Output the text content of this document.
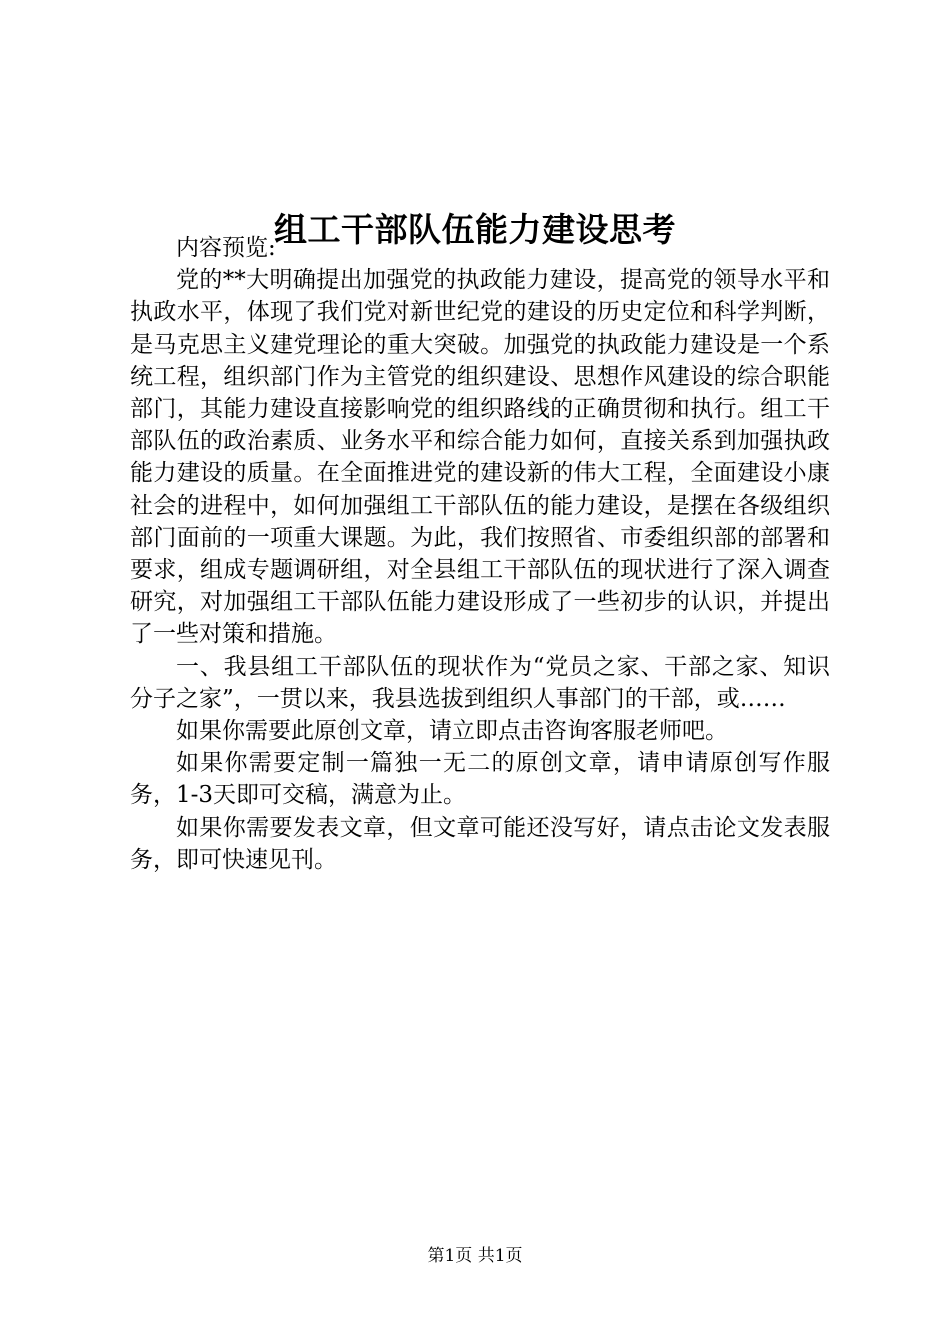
组工干部队伍能力建设思考

内容预览:

党的**大明确提出加强党的执政能力建设，提高党的领导水平和执政水平，体现了我们党对新世纪党的建设的历史定位和科学判断，是马克思主义建党理论的重大突破。加强党的执政能力建设是一个系统工程，组织部门作为主管党的组织建设、思想作风建设的综合职能部门，其能力建设直接影响党的组织路线的正确贯彻和执行。组工干部队伍的政治素质、业务水平和综合能力如何，直接关系到加强执政能力建设的质量。在全面推进党的建设新的伟大工程，全面建设小康社会的进程中，如何加强组工干部队伍的能力建设，是摆在各级组织部门面前的一项重大课题。为此，我们按照省、市委组织部的部署和要求，组成专题调研组，对全县组工干部队伍的现状进行了深入调查研究，对加强组工干部队伍能力建设形成了一些初步的认识，并提出了一些对策和措施。

一、我县组工干部队伍的现状作为“党员之家、干部之家、知识分子之家”，一贯以来，我县选拔到组织人事部门的干部，或……

如果你需要此原创文章，请立即点击咨询客服老师吧。

如果你需要定制一篇独一无二的原创文章，请申请原创写作服务，1-3天即可交稿，满意为止。

如果你需要发表文章，但文章可能还没写好，请点击论文发表服务，即可快速见刊。

第1页 共1页
